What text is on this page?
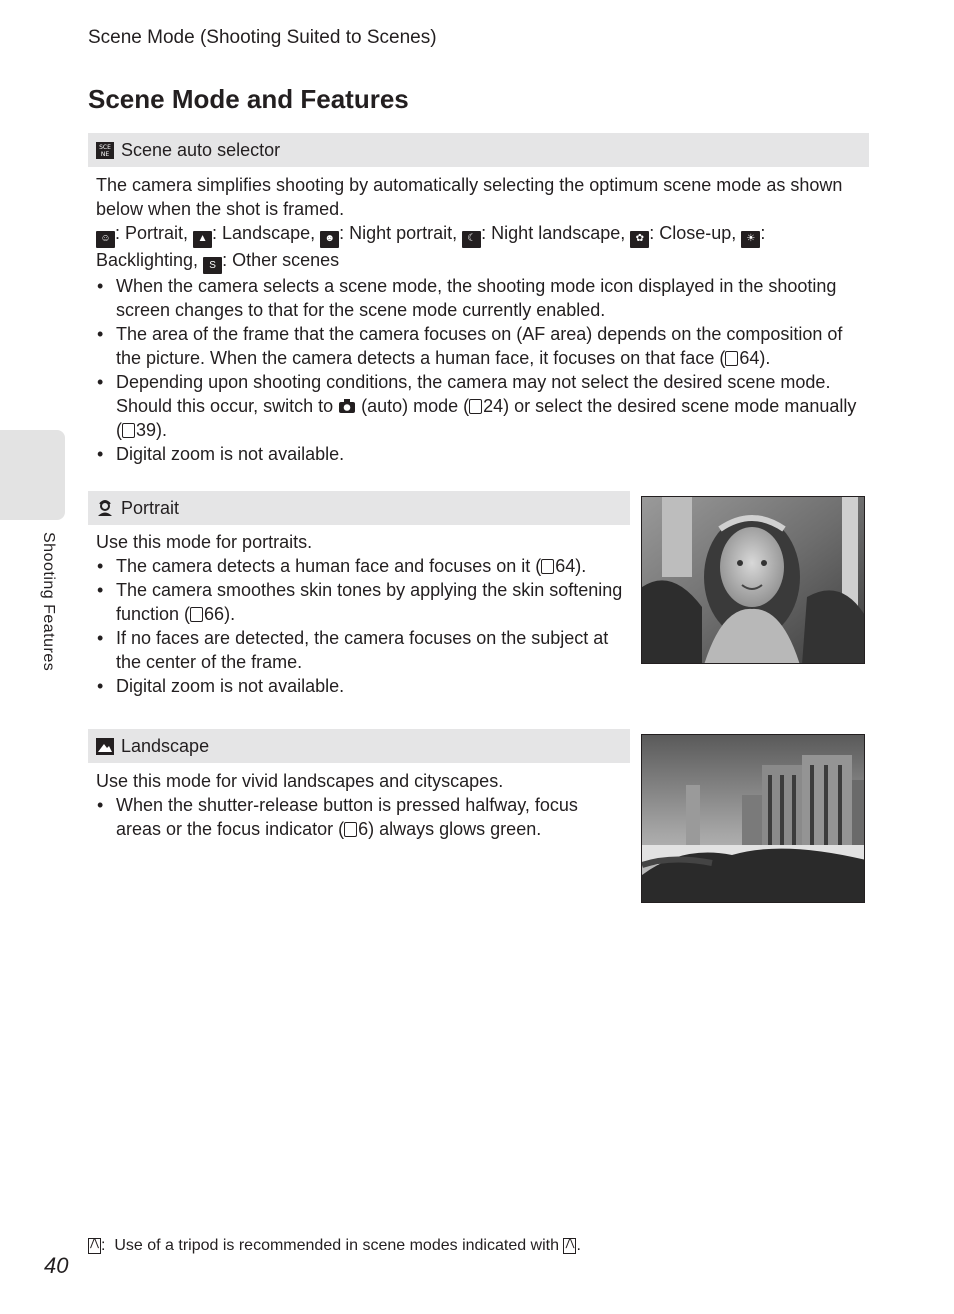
Scene Mode (Shooting Suited to Scenes)
Scene Mode and Features
SCE
NE Scene auto selector

The camera simplifies shooting by automatically selecting the optimum scene mode as shown below when the shot is framed.

☺ : Portrait, ▲ : Landscape, ☻ : Night portrait, ☾ : Night landscape, ✿ : Close-up, ☀ : Backlighting, S : Other scenes

• When the camera selects a scene mode, the shooting mode icon displayed in the shooting screen changes to that for the scene mode currently enabled.
• The area of the frame that the camera focuses on (AF area) depends on the composition of the picture. When the camera detects a human face, it focuses on that face ( 64).
• Depending upon shooting conditions, the camera may not select the desired scene mode. Should this occur, switch to  (auto) mode ( 24) or select the desired scene mode manually ( 39).
• Digital zoom is not available.
Portrait

Use this mode for portraits.

• The camera detects a human face and focuses on it ( 64).
• The camera smoothes skin tones by applying the skin softening function ( 66).
• If no faces are detected, the camera focuses on the subject at the center of the frame.
• Digital zoom is not available.
Landscape

Use this mode for vivid landscapes and cityscapes.

• When the shutter-release button is pressed halfway, focus areas or the focus indicator ( 6) always glows green.
Shooting Features
⋀
:  Use of a tripod is recommended in scene modes indicated with
⋀ .
40
